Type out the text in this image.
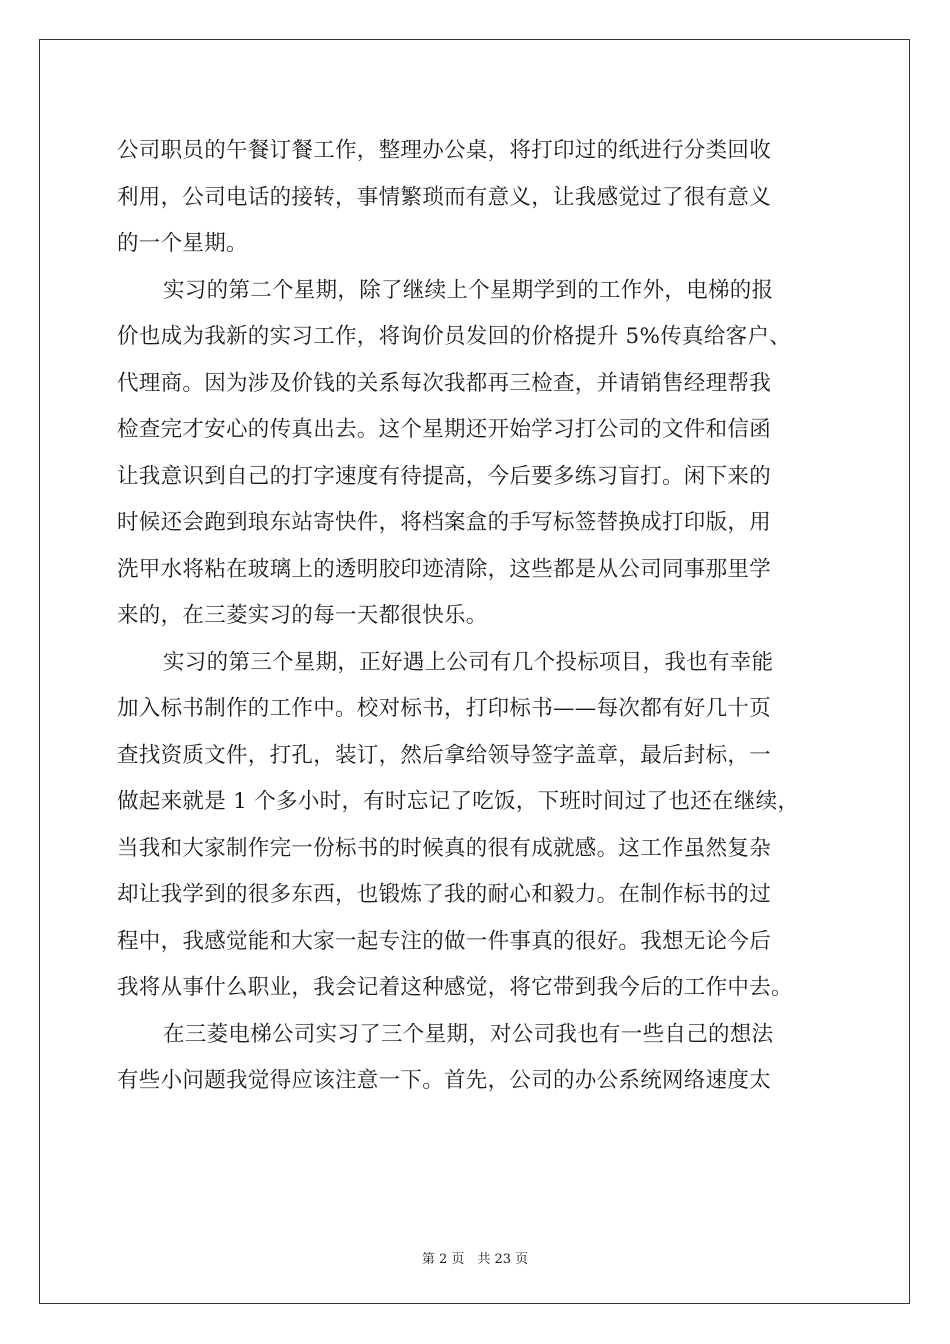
公司职员的午餐订餐工作，整理办公桌，将打印过的纸进行分类回收
利用，公司电话的接转，事情繁琐而有意义，让我感觉过了很有意义
的一个星期。
实习的第二个星期，除了继续上个星期学到的工作外，电梯的报
价也成为我新的实习工作，将询价员发回的价格提升 5%传真给客户、
代理商。因为涉及价钱的关系每次我都再三检查，并请销售经理帮我
检查完才安心的传真出去。这个星期还开始学习打公司的文件和信函
让我意识到自己的打字速度有待提高，今后要多练习盲打。闲下来的
时候还会跑到琅东站寄快件，将档案盒的手写标签替换成打印版，用
洗甲水将粘在玻璃上的透明胶印迹清除，这些都是从公司同事那里学
来的，在三菱实习的每一天都很快乐。
实习的第三个星期，正好遇上公司有几个投标项目，我也有幸能
加入标书制作的工作中。校对标书，打印标书——每次都有好几十页
查找资质文件，打孔，装订，然后拿给领导签字盖章，最后封标，一
做起来就是 1 个多小时，有时忘记了吃饭，下班时间过了也还在继续，
当我和大家制作完一份标书的时候真的很有成就感。这工作虽然复杂
却让我学到的很多东西，也锻炼了我的耐心和毅力。在制作标书的过
程中，我感觉能和大家一起专注的做一件事真的很好。我想无论今后
我将从事什么职业，我会记着这种感觉，将它带到我今后的工作中去。
在三菱电梯公司实习了三个星期，对公司我也有一些自己的想法
有些小问题我觉得应该注意一下。首先，公司的办公系统网络速度太
第 2 页　共 23 页
